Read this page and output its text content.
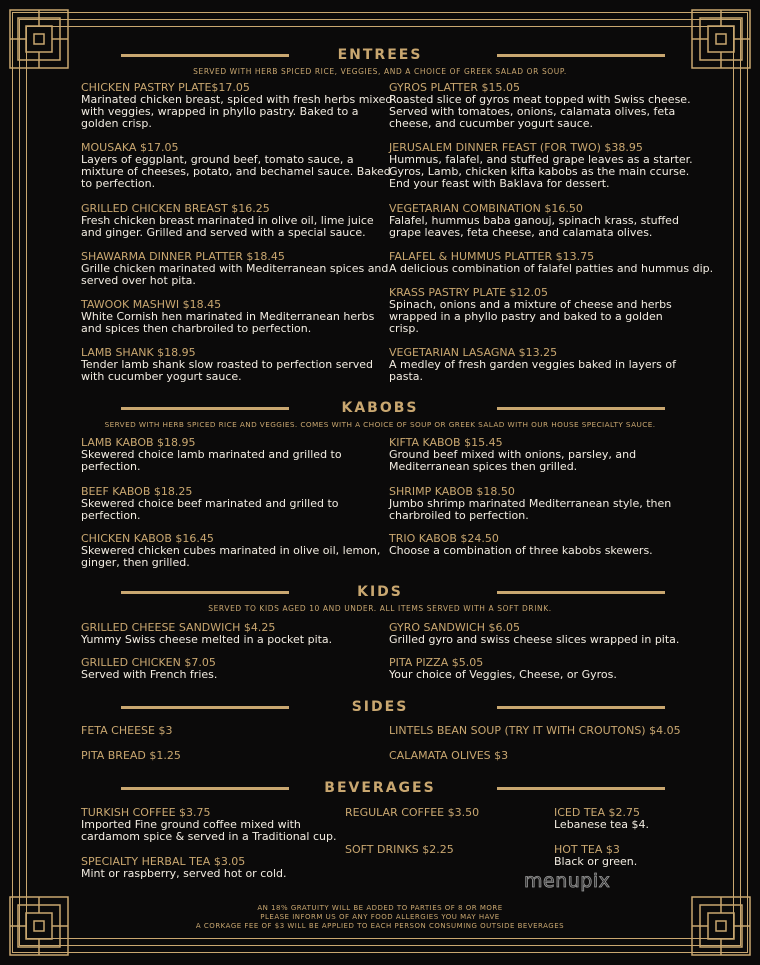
ENTREES
SERVED WITH HERB SPICED RICE, VEGGIES, AND A CHOICE OF GREEK SALAD OR SOUP.
CHICKEN PASTRY PLATE$17.05
Marinated chicken breast, spiced with fresh herbs mixed
with veggies, wrapped in phyllo pastry. Baked to a
golden crisp.
MOUSAKA $17.05
Layers of eggplant, ground beef, tomato sauce, a
mixture of cheeses, potato, and bechamel sauce. Baked
to perfection.
GRILLED CHICKEN BREAST $16.25
Fresh chicken breast marinated in olive oil, lime juice
and ginger. Grilled and served with a special sauce.
SHAWARMA DINNER PLATTER $18.45
Grille chicken marinated with Mediterranean spices and
served over hot pita.
TAWOOK MASHWI $18.45
White Cornish hen marinated in Mediterranean herbs
and spices then charbroiled to perfection.
LAMB SHANK $18.95
Tender lamb shank slow roasted to perfection served
with cucumber yogurt sauce.
GYROS PLATTER $15.05
Roasted slice of gyros meat topped with Swiss cheese.
Served with tomatoes, onions, calamata olives, feta
cheese, and cucumber yogurt sauce.
JERUSALEM DINNER FEAST (FOR TWO) $38.95
Hummus, falafel, and stuffed grape leaves as a starter.
Gyros, Lamb, chicken kifta kabobs as the main ccurse.
End your feast with Baklava for dessert.
VEGETARIAN COMBINATION $16.50
Falafel, hummus baba ganouj, spinach krass, stuffed
grape leaves, feta cheese, and calamata olives.
FALAFEL & HUMMUS PLATTER $13.75
A delicious combination of falafel patties and hummus dip.
KRASS PASTRY PLATE $12.05
Spinach, onions and a mixture of cheese and herbs
wrapped in a phyllo pastry and baked to a golden
crisp.
VEGETARIAN LASAGNA $13.25
A medley of fresh garden veggies baked in layers of
pasta.
KABOBS
SERVED WITH HERB SPICED RICE AND VEGGIES. COMES WITH A CHOICE OF SOUP OR GREEK SALAD WITH OUR HOUSE SPECIALTY SAUCE.
LAMB KABOB $18.95
Skewered choice lamb marinated and grilled to
perfection.
BEEF KABOB $18.25
Skewered choice beef marinated and grilled to
perfection.
CHICKEN KABOB $16.45
Skewered chicken cubes marinated in olive oil, lemon,
ginger, then grilled.
KIFTA KABOB $15.45
Ground beef mixed with onions, parsley, and
Mediterranean spices then grilled.
SHRIMP KABOB $18.50
Jumbo shrimp marinated Mediterranean style, then
charbroiled to perfection.
TRIO KABOB $24.50
Choose a combination of three kabobs skewers.
KIDS
SERVED TO KIDS AGED 10 AND UNDER. ALL ITEMS SERVED WITH A SOFT DRINK.
GRILLED CHEESE SANDWICH $4.25
Yummy Swiss cheese melted in a pocket pita.
GRILLED CHICKEN $7.05
Served with French fries.
GYRO SANDWICH $6.05
Grilled gyro and swiss cheese slices wrapped in pita.
PITA PIZZA $5.05
Your choice of Veggies, Cheese, or Gyros.
SIDES
FETA CHEESE $3
PITA BREAD $1.25
LINTELS BEAN SOUP (TRY IT WITH CROUTONS) $4.05
CALAMATA OLIVES $3
BEVERAGES
TURKISH COFFEE $3.75
Imported Fine ground coffee mixed with
cardamom spice & served in a Traditional cup.
SPECIALTY HERBAL TEA $3.05
Mint or raspberry, served hot or cold.
REGULAR COFFEE $3.50
SOFT DRINKS $2.25
ICED TEA $2.75
Lebanese tea $4.
HOT TEA $3
Black or green.
menupix
AN 18% GRATUITY WILL BE ADDED TO PARTIES OF 8 OR MORE
PLEASE INFORM US OF ANY FOOD ALLERGIES YOU MAY HAVE
A CORKAGE FEE OF $3 WILL BE APPLIED TO EACH PERSON CONSUMING OUTSIDE BEVERAGES
